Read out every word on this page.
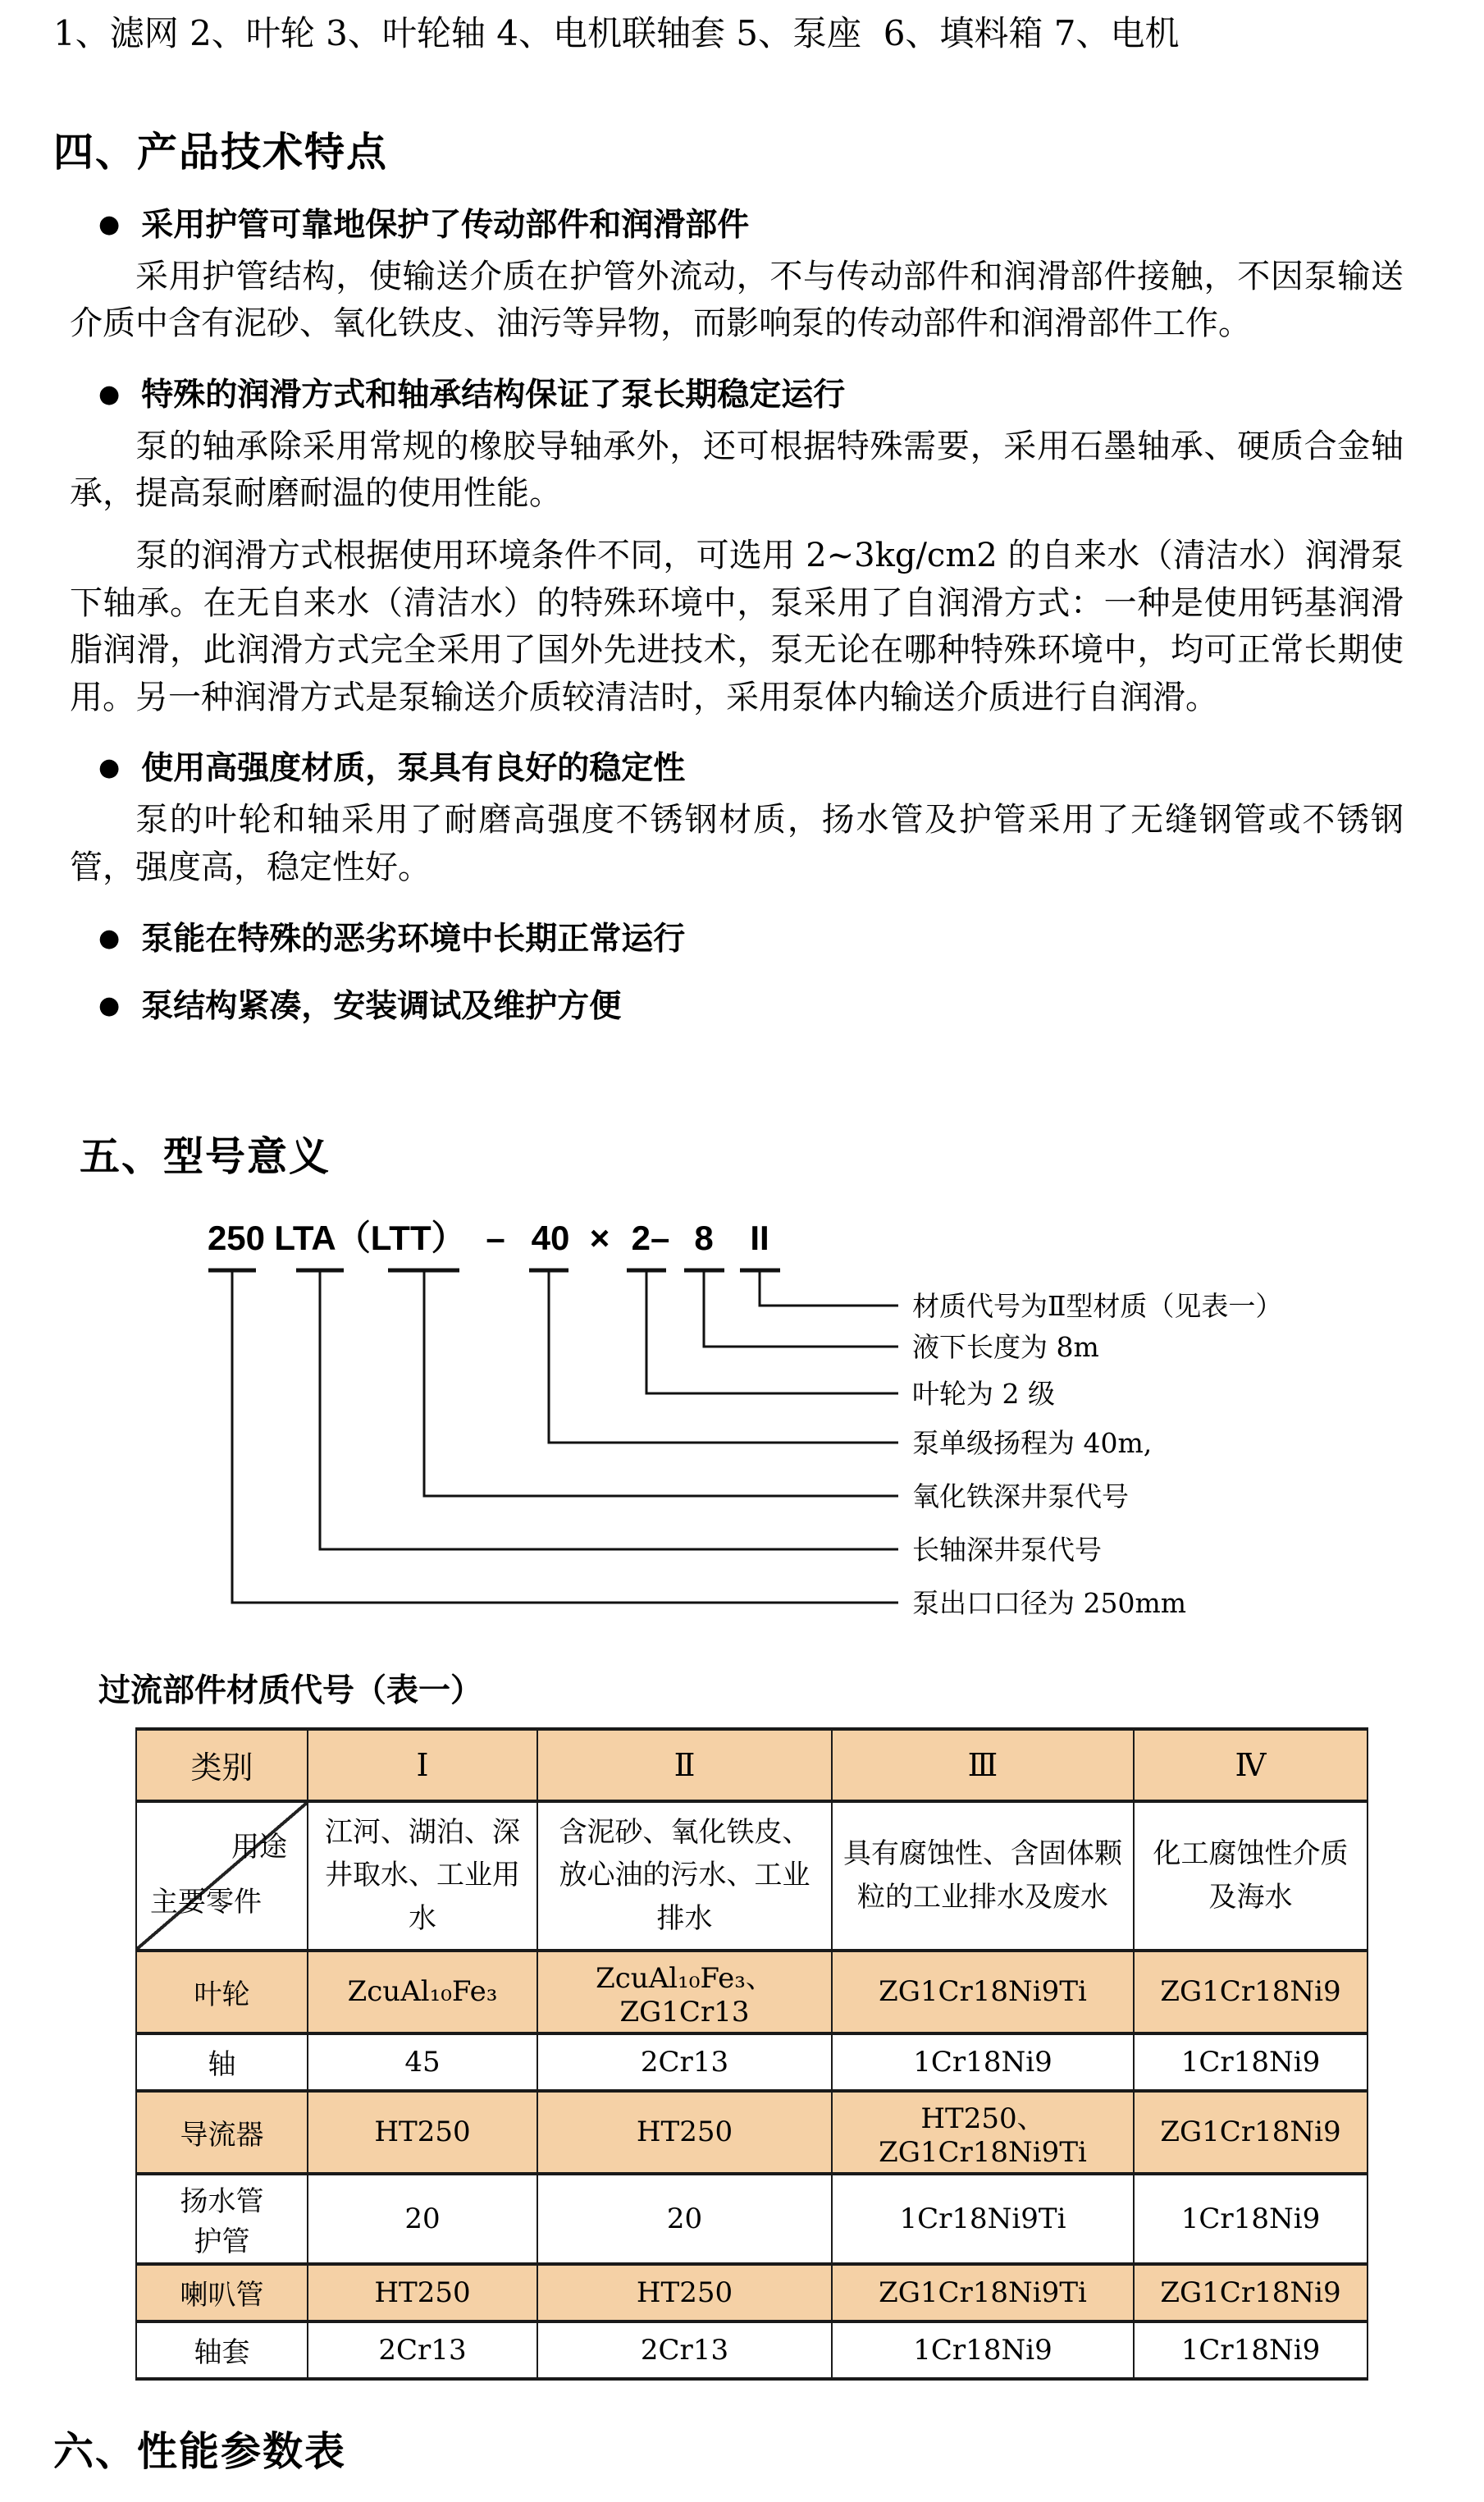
1、滤网 2、叶轮 3、叶轮轴 4、电机联轴套 5、泵座  6、填料箱 7、电机

四、产品技术特点
● 采用护管可靠地保护了传动部件和润滑部件

采用护管结构，使输送介质在护管外流动，不与传动部件和润滑部件接触，不因泵输送介质中含有泥砂、氧化铁皮、油污等异物，而影响泵的传动部件和润滑部件工作。

● 特殊的润滑方式和轴承结构保证了泵长期稳定运行

泵的轴承除采用常规的橡胶导轴承外，还可根据特殊需要，采用石墨轴承、硬质合金轴承，提高泵耐磨耐温的使用性能。

泵的润滑方式根据使用环境条件不同，可选用 2~3kg/cm2 的自来水（清洁水）润滑泵下轴承。在无自来水（清洁水）的特殊环境中，泵采用了自润滑方式：一种是使用钙基润滑脂润滑，此润滑方式完全采用了国外先进技术，泵无论在哪种特殊环境中，均可正常长期使用。另一种润滑方式是泵输送介质较清洁时，采用泵体内输送介质进行自润滑。

● 使用高强度材质，泵具有良好的稳定性

泵的叶轮和轴采用了耐磨高强度不锈钢材质，扬水管及护管采用了无缝钢管或不锈钢管，强度高，稳定性好。

● 泵能在特殊的恶劣环境中长期正常运行
● 泵结构紧凑，安装调试及维护方便
五、型号意义
250 LTA（LTT） – 40 × 2– 8 II
材质代号为Ⅱ型材质（见表一）
液下长度为 8m
叶轮为 2 级
泵单级扬程为 40m,
氧化铁深井泵代号
长轴深井泵代号
泵出口口径为 250mm

过流部件材质代号（表一）

类别	Ⅰ	Ⅱ	Ⅲ	Ⅳ

用途
主要零件	江河、湖泊、深井取水、工业用水	含泥砂、氧化铁皮、放心油的污水、工业排水	具有腐蚀性、含固体颗粒的工业排水及废水	化工腐蚀性介质及海水
叶轮	ZcuAl₁₀Fe₃	ZcuAl₁₀Fe₃、ZG1Cr13	ZG1Cr18Ni9Ti	ZG1Cr18Ni9
轴	45	2Cr13	1Cr18Ni9	1Cr18Ni9
导流器	HT250	HT250	HT250、 ZG1Cr18Ni9Ti	ZG1Cr18Ni9
扬水管
护管	20	20	1Cr18Ni9Ti	1Cr18Ni9
喇叭管	HT250	HT250	ZG1Cr18Ni9Ti	ZG1Cr18Ni9
轴套	2Cr13	2Cr13	1Cr18Ni9	1Cr18Ni9
六、性能参数表
